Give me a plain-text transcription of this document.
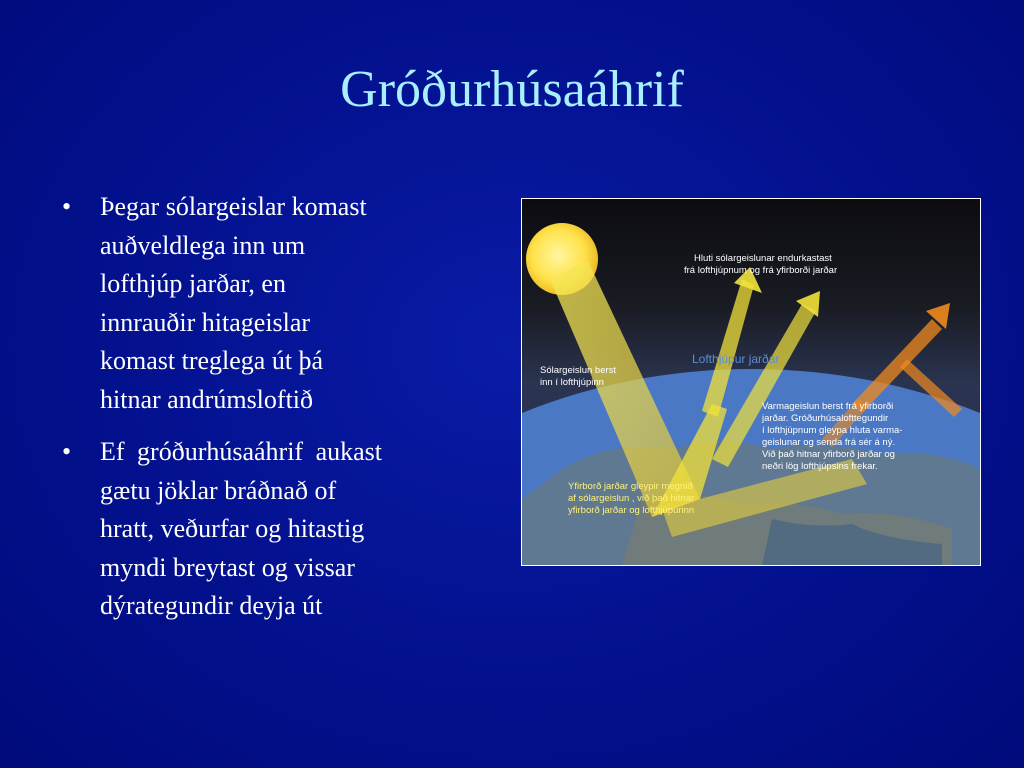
Gróðurhúsaáhrif
• Þegar sólargeislar komast
auðveldlega inn um
lofthjúp jarðar, en
innrauðir hitageislar
komast treglega út þá
hitnar andrúmsloftið
• Ef gróðurhúsaáhrif aukast
gætu jöklar bráðnað of
hratt, veðurfar og hitastig
myndi breytast og vissar
dýrategundir deyja út
Hluti sólargeislunar endurkastast frá lofthjúpnum og frá yfirborði jarðar
Lofthjúpur jarðar
Sólargeislun berst inn í lofthjúpinn
Varmageislun berst frá yfirborði jarðar. Gróðurhúsalofttegundir í lofthjúpnum gleypa hluta varma- geislunar og senda frá sér á ný. Við það hitnar yfirborð jarðar og neðri lög lofthjúpsins frekar.
Yfirborð jarðar gleypir megnið af sólargeislun , við það hitnar yfirborð jarðar og lofthjúpurinn
